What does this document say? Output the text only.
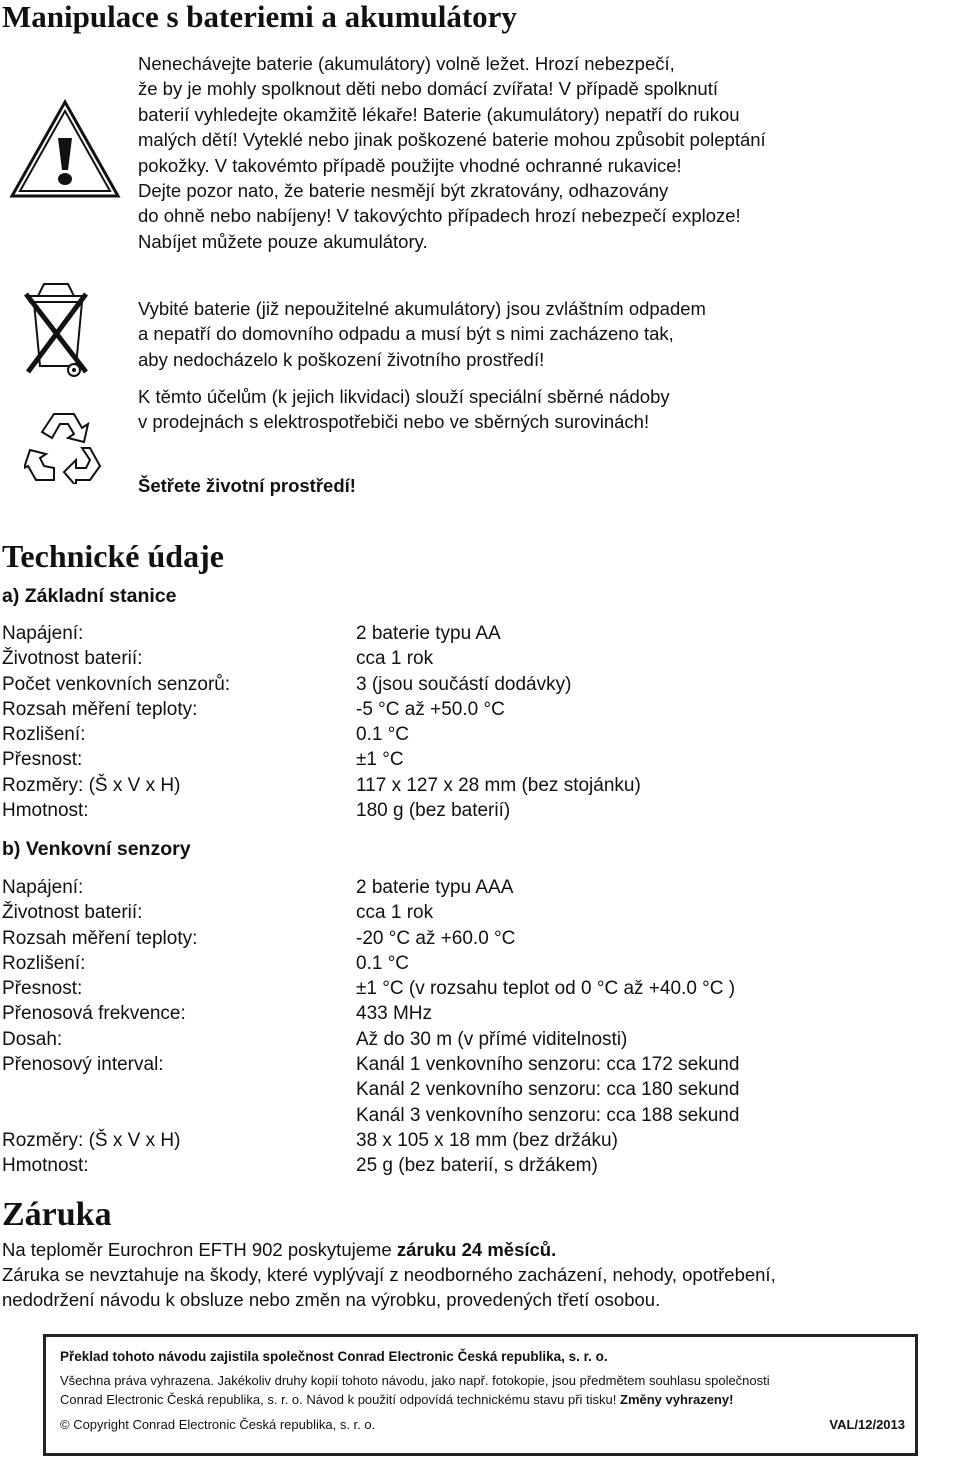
Manipulace s bateriemi a akumulátory
Nenechávejte baterie (akumulátory) volně ležet. Hrozí nebezpečí,
že by je mohly spolknout děti nebo domácí zvířata! V případě spolknutí
baterií vyhledejte okamžitě lékaře! Baterie (akumulátory) nepatří do rukou
malých dětí! Vyteklé nebo jinak poškozené baterie mohou způsobit poleptání
pokožky. V takovémto případě použijte vhodné ochranné rukavice!
Dejte pozor nato, že baterie nesmějí být zkratovány, odhazovány
do ohně nebo nabíjeny! V takovýchto případech hrozí nebezpečí exploze!
Nabíjet můžete pouze akumulátory.
Vybité baterie (již nepoužitelné akumulátory) jsou zvláštním odpadem
a nepatří do domovního odpadu a musí být s nimi zacházeno tak,
aby nedocházelo k poškození životního prostředí!
K těmto účelům (k jejich likvidaci) slouží speciální sběrné nádoby
v prodejnách s elektrospotřebiči nebo ve sběrných surovinách!
Šetřete životní prostředí!
Technické údaje
a) Základní stanice
Napájení:	2 baterie typu AA
Životnost baterií:	cca 1 rok
Počet venkovních senzorů:	3 (jsou součástí dodávky)
Rozsah měření teploty:	-5 °C až +50.0 °C
Rozlišení:	0.1 °C
Přesnost:	±1 °C
Rozměry: (Š x V x H)	117 x 127 x 28 mm (bez stojánku)
Hmotnost:	180 g (bez baterií)
b) Venkovní senzory
Napájení:	2 baterie typu AAA
Životnost baterií:	cca 1 rok
Rozsah měření teploty:	-20 °C až +60.0 °C
Rozlišení:	0.1 °C
Přesnost:	±1 °C (v rozsahu teplot od 0 °C až +40.0 °C )
Přenosová frekvence:	433 MHz
Dosah:	Až do 30 m (v přímé viditelnosti)
Přenosový interval:	Kanál 1 venkovního senzoru: cca 172 sekund
Kanál 2 venkovního senzoru: cca 180 sekund
Kanál 3 venkovního senzoru: cca 188 sekund
Rozměry: (Š x V x H)	38 x 105 x 18 mm (bez držáku)
Hmotnost:	25 g (bez baterií, s držákem)
Záruka
Na teploměr Eurochron EFTH 902 poskytujeme záruku 24 měsíců.
Záruka se nevztahuje na škody, které vyplývají z neodborného zacházení, nehody, opotřebení,
nedodržení návodu k obsluze nebo změn na výrobku, provedených třetí osobou.
Překlad tohoto návodu zajistila společnost Conrad Electronic Česká republika, s. r. o.
Všechna práva vyhrazena. Jakékoliv druhy kopií tohoto návodu, jako např. fotokopie, jsou předmětem souhlasu společnosti
Conrad Electronic Česká republika, s. r. o. Návod k použití odpovídá technickému stavu při tisku! Změny vyhrazeny!
© Copyright Conrad Electronic Česká republika, s. r. o.	VAL/12/2013
